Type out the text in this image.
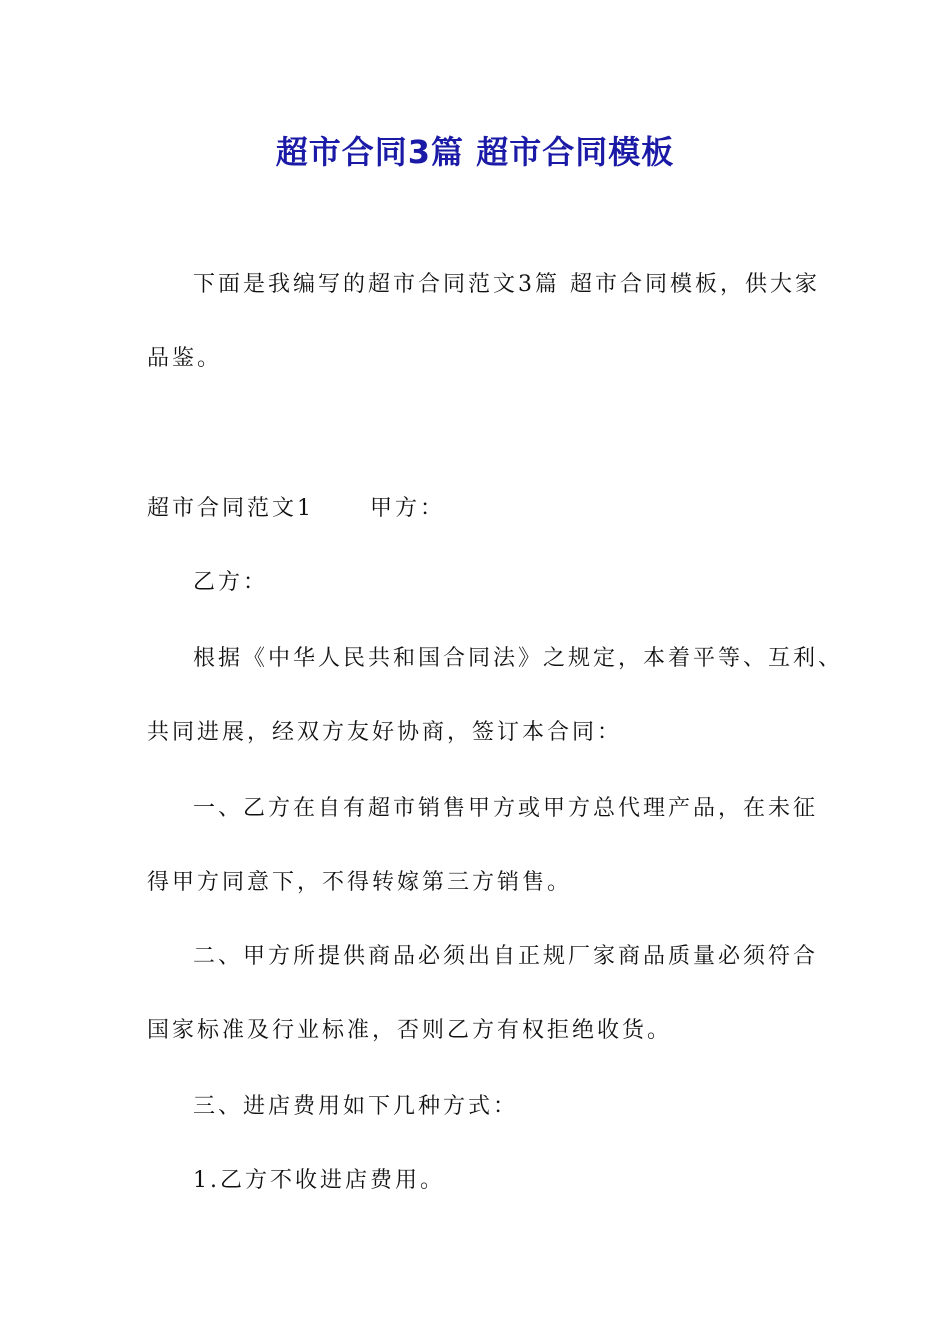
超市合同3篇 超市合同模板
下面是我编写的超市合同范文3篇 超市合同模板，供大家
品鉴。
超市合同范文1	甲方：
乙方：
根据《中华人民共和国合同法》之规定，本着平等、互利、
共同进展，经双方友好协商，签订本合同：
一、乙方在自有超市销售甲方或甲方总代理产品，在未征
得甲方同意下，不得转嫁第三方销售。
二、甲方所提供商品必须出自正规厂家商品质量必须符合
国家标准及行业标准，否则乙方有权拒绝收货。
三、进店费用如下几种方式：
1.乙方不收进店费用。
